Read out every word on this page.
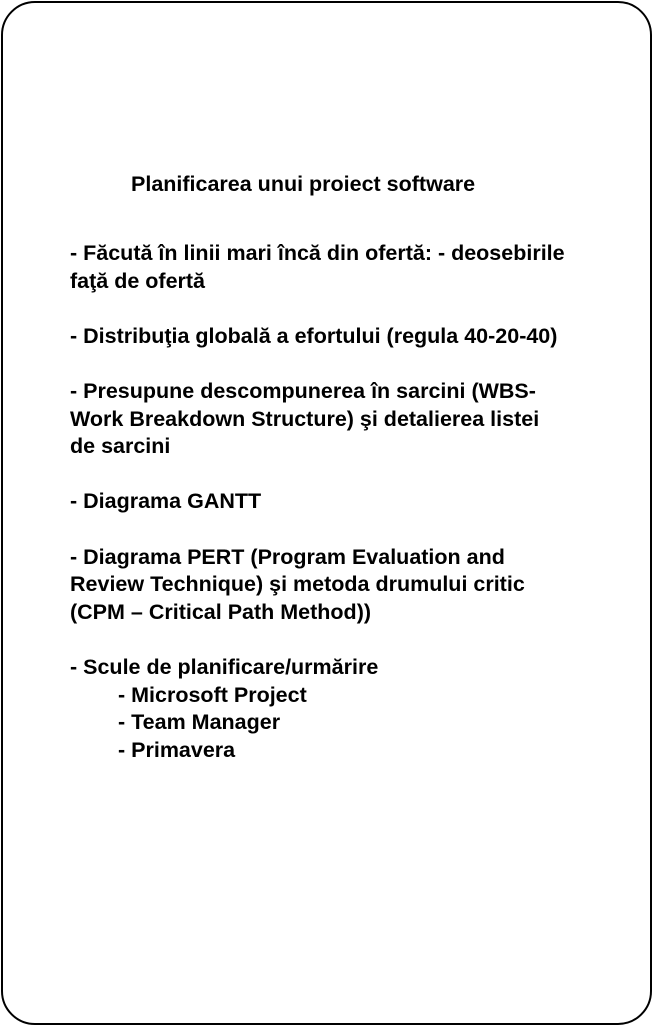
Planificarea unui proiect software
- Făcută în linii mari încă din ofertă: - deosebirile
faţă de ofertă
- Distribuţia globală a efortului (regula 40-20-40)
- Presupune descompunerea în sarcini (WBS-
Work Breakdown Structure) şi detalierea listei
de sarcini
- Diagrama GANTT
- Diagrama PERT (Program Evaluation and
Review Technique) şi metoda drumului critic
(CPM – Critical Path Method))
- Scule de planificare/urmărire
- Microsoft Project
- Team Manager
- Primavera
